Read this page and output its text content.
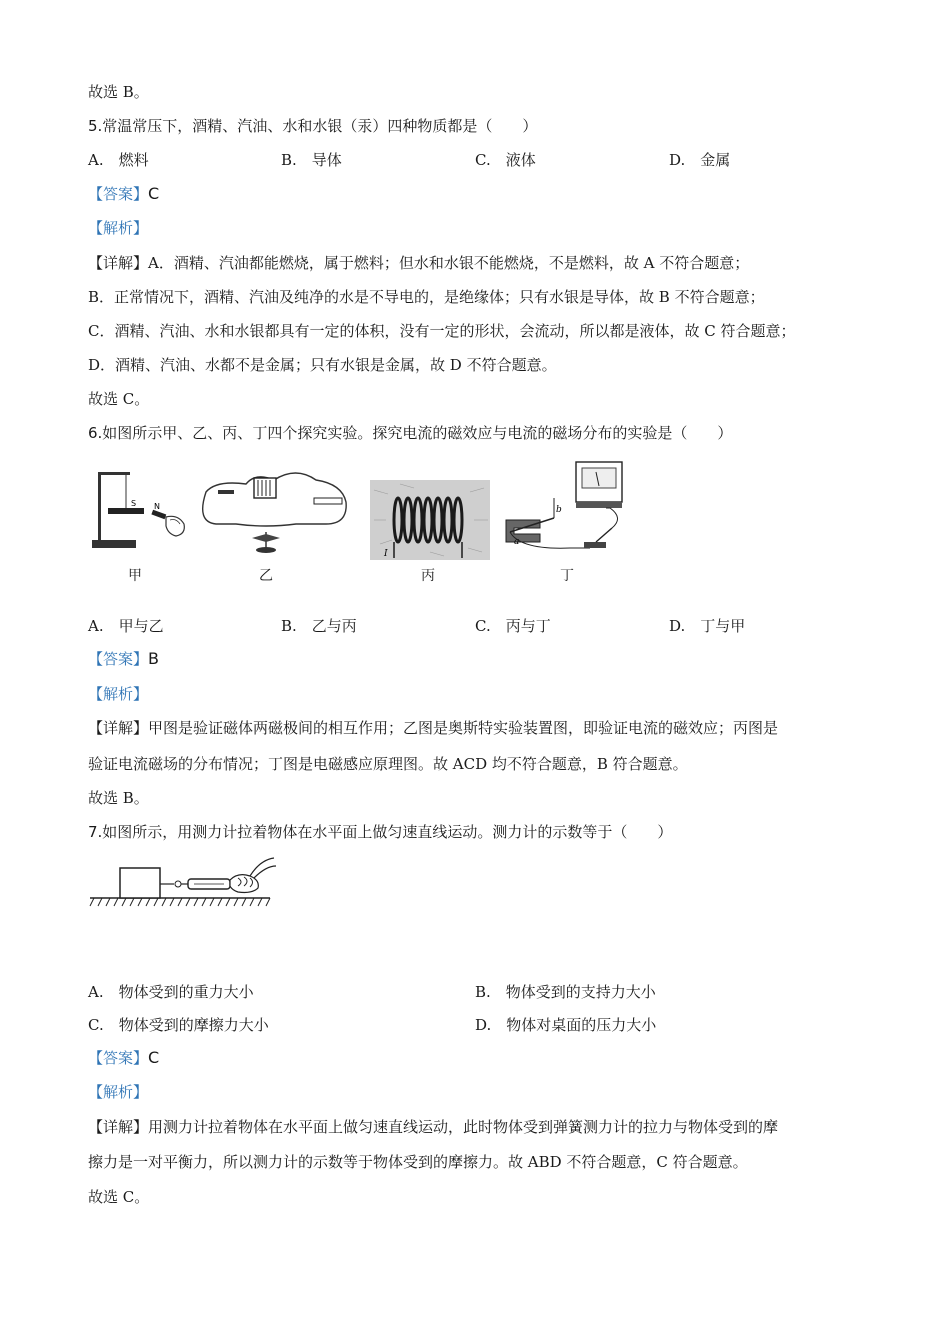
故选 B。
5.常温常压下，酒精、汽油、水和水银（汞）四种物质都是（　　）
A.　燃料	B.　导体	C.　液体	D.　金属
【答案】C
【解析】
【详解】A．酒精、汽油都能燃烧，属于燃料；但水和水银不能燃烧，不是燃料，故 A 不符合题意；
B．正常情况下，酒精、汽油及纯净的水是不导电的，是绝缘体；只有水银是导体，故 B 不符合题意；
C．酒精、汽油、水和水银都具有一定的体积，没有一定的形状，会流动，所以都是液体，故 C 符合题意；
D．酒精、汽油、水都不是金属；只有水银是金属，故 D 不符合题意。
故选 C。
6.如图所示甲、乙、丙、丁四个探究实验。探究电流的磁效应与电流的磁场分布的实验是（　　）
S N
甲	乙
I
丙
b
a
丁
A.　甲与乙	B.　乙与丙	C.　丙与丁	D.　丁与甲
【答案】B
【解析】
【详解】甲图是验证磁体两磁极间的相互作用；乙图是奥斯特实验装置图，即验证电流的磁效应；丙图是
验证电流磁场的分布情况；丁图是电磁感应原理图。故 ACD 均不符合题意，B 符合题意。
故选 B。
7.如图所示，用测力计拉着物体在水平面上做匀速直线运动。测力计的示数等于（　　）
A.　物体受到的重力大小	B.　物体受到的支持力大小
C.　物体受到的摩擦力大小	D.　物体对桌面的压力大小
【答案】C
【解析】
【详解】用测力计拉着物体在水平面上做匀速直线运动，此时物体受到弹簧测力计的拉力与物体受到的摩
擦力是一对平衡力，所以测力计的示数等于物体受到的摩擦力。故 ABD 不符合题意，C 符合题意。
故选 C。
